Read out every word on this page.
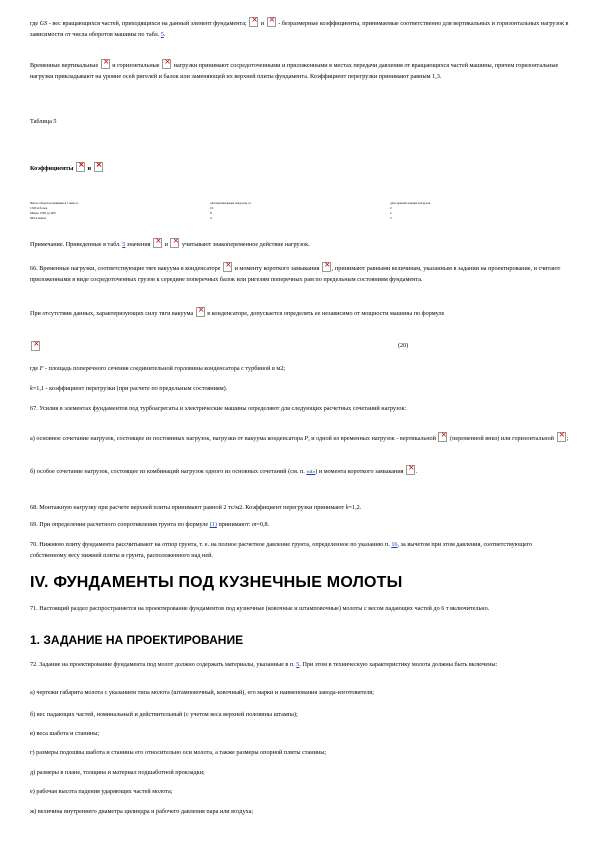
где GS - вес вращающихся частей, приходящихся на данный элемент фундамента; × и × - безразмерные коэффициенты, принимаемые соответственно для вертикальных и горизонтальных нагрузок в зависимости от числа оборотов машины по табл. 5.

Временные вертикальные × и горизонтальные × нагрузки принимают сосредоточенными и приложенными в местах передачи давления от вращающихся частей машины, причем горизонтальные нагрузки прикладывают на уровне осей ригелей и балок или заменяющей их верхней плиты фундамента. Коэффициент перегрузки принимают равным 1,3.

Таблица 5

Коэффициенты × и ×

Число оборотов машины в 1 мин, n	для вертикальных нагрузок от	для горизонтальных нагрузок
1500 и более	10	2
Менее 1500 до 600	8	2
600 и менее	4	2

Примечание. Приведенные в табл. 5 значения × и × учитывают знакопеременное действие нагрузок.

66. Временные нагрузки, соответствующие тяге вакуума в конденсаторе × и моменту короткого замыкания ×, принимают равными величинам, указанным в задании на проектирование, и считают приложенными в виде сосредоточенных грузов к середине поперечных балок или ригелям поперечных рам по предельным состояниям фундамента.

При отсутствии данных, характеризующих силу тяги вакуума × в конденсаторе, допускается определять ее независимо от мощности машины по формуле

×
(20)

где F - площадь поперечного сечения соединительной горловины конденсатора с турбиной в м2;

k=1,1 - коэффициент перегрузки (при расчете по предельным состояниям).

67. Усилия в элементах фундаментов под турбоагрегаты и электрические машины определяют для следующих расчетных сочетаний нагрузок:

а) основное сочетание нагрузок, состоящее из постоянных нагрузок, нагрузки от вакуума конденсатора P, и одной из временных нагрузок - вертикальной × (переменной вниз) или горизонтальной ×;

б) особое сочетание нагрузок, состоящее из комбинаций нагрузок одного из основных сочетаний (см. п. «а») и момента короткого замыкания ×.

68. Монтажную нагрузку при расчете верхней плиты принимают равной 2 тс/м2. Коэффициент перегрузки принимают k=1,2.

69. При определении расчетного сопротивления грунта по формуле (1) принимают: m=0,8.

70. Нижнюю плиту фундамента рассчитывают на отпор грунта, т. е. на полное расчетное давление грунта, определенное по указанию п. 16, за вычетом при этом давления, соответствующего собственному весу нижней плиты и грунта, расположенного над ней.

IV. ФУНДАМЕНТЫ ПОД КУЗНЕЧНЫЕ МОЛОТЫ

71. Настоящий раздел распространяется на проектирование фундаментов под кузнечные (ковочные и штамповочные) молоты с весом падающих частей до 6 т включительно.

1. ЗАДАНИЕ НА ПРОЕКТИРОВАНИЕ

72. Задание на проектирование фундамента под молот должно содержать материалы, указанные в п. 5. При этом в техническую характеристику молота должны быть включены:

а) чертежи габарита молота с указанием типа молота (штамповочный, ковочный), его марки и наименования завода-изготовителя;

б) вес падающих частей, номинальный и действительный (с учетом веса верхней половины штампа);

в) веса шабота и станины;

г) размеры подошвы шабота и станины его относительно оси молота, а также размеры опорной плиты станины;

д) размеры в плане, толщина и материал подшаботной прокладки;

е) рабочая высота падения ударяющих частей молота;

ж) величина внутреннего диаметра цилиндра и рабочего давления пара или воздуха;
